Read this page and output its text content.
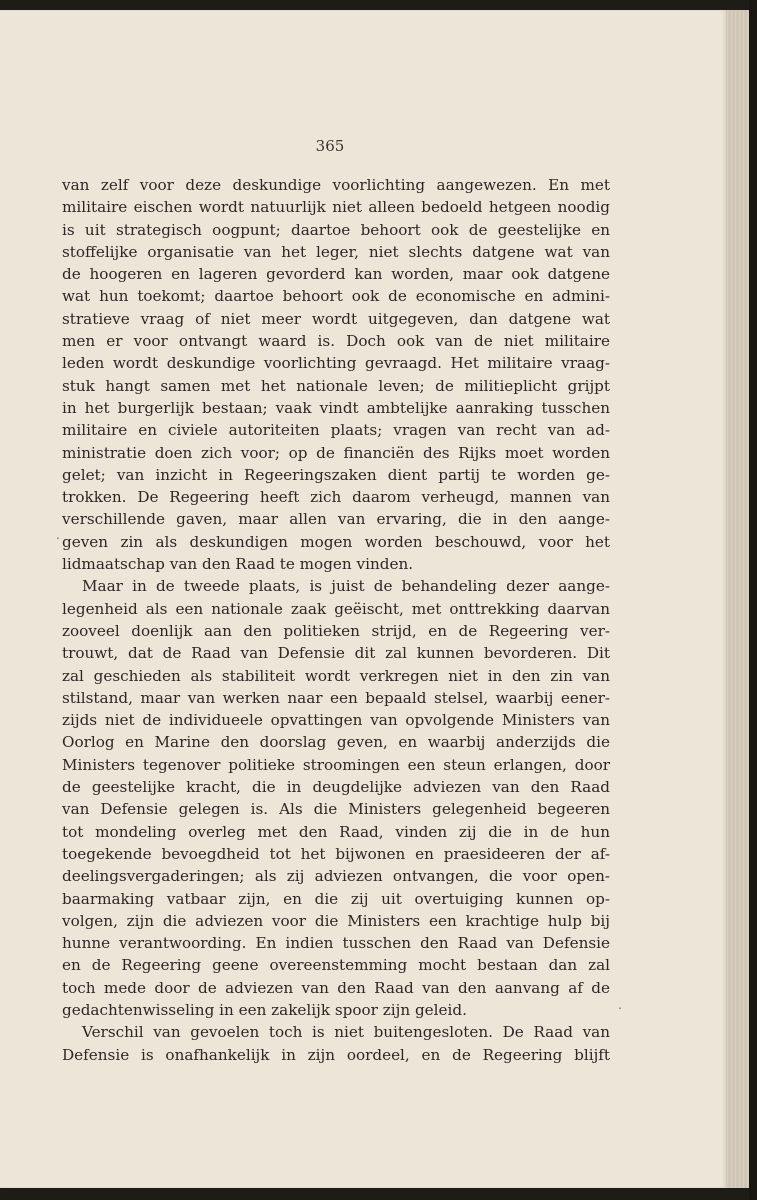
365
van zelf voor deze deskundige voorlichting aangewezen. En met
militaire eischen wordt natuurlijk niet alleen bedoeld hetgeen noodig
is uit strategisch oogpunt; daartoe behoort ook de geestelijke en
stoffelijke organisatie van het leger, niet slechts datgene wat van
de hoogeren en lageren gevorderd kan worden, maar ook datgene
wat hun toekomt; daartoe behoort ook de economische en admini-
stratieve vraag of niet meer wordt uitgegeven, dan datgene wat
men er voor ontvangt waard is. Doch ook van de niet militaire
leden wordt deskundige voorlichting gevraagd. Het militaire vraag-
stuk hangt samen met het nationale leven; de militieplicht grijpt
in het burgerlijk bestaan; vaak vindt ambtelijke aanraking tusschen
militaire en civiele autoriteiten plaats; vragen van recht van ad-
ministratie doen zich voor; op de financiën des Rijks moet worden
gelet; van inzicht in Regeeringszaken dient partij te worden ge-
trokken. De Regeering heeft zich daarom verheugd, mannen van
verschillende gaven, maar allen van ervaring, die in den aange-
geven zin als deskundigen mogen worden beschouwd, voor het
lidmaatschap van den Raad te mogen vinden.
Maar in de tweede plaats, is juist de behandeling dezer aange-
legenheid als een nationale zaak geëischt, met onttrekking daarvan
zooveel doenlijk aan den politieken strijd, en de Regeering ver-
trouwt, dat de Raad van Defensie dit zal kunnen bevorderen. Dit
zal geschieden als stabiliteit wordt verkregen niet in den zin van
stilstand, maar van werken naar een bepaald stelsel, waarbij eener-
zijds niet de individueele opvattingen van opvolgende Ministers van
Oorlog en Marine den doorslag geven, en waarbij anderzijds die
Ministers tegenover politieke stroomingen een steun erlangen, door
de geestelijke kracht, die in deugdelijke adviezen van den Raad
van Defensie gelegen is. Als die Ministers gelegenheid begeeren
tot mondeling overleg met den Raad, vinden zij die in de hun
toegekende bevoegdheid tot het bijwonen en praesideeren der af-
deelingsvergaderingen; als zij adviezen ontvangen, die voor open-
baarmaking vatbaar zijn, en die zij uit overtuiging kunnen op-
volgen, zijn die adviezen voor die Ministers een krachtige hulp bij
hunne verantwoording. En indien tusschen den Raad van Defensie
en de Regeering geene overeenstemming mocht bestaan dan zal
toch mede door de adviezen van den Raad van den aanvang af de
gedachtenwisseling in een zakelijk spoor zijn geleid.
Verschil van gevoelen toch is niet buitengesloten. De Raad van
Defensie is onafhankelijk in zijn oordeel, en de Regeering blijft
.
.
